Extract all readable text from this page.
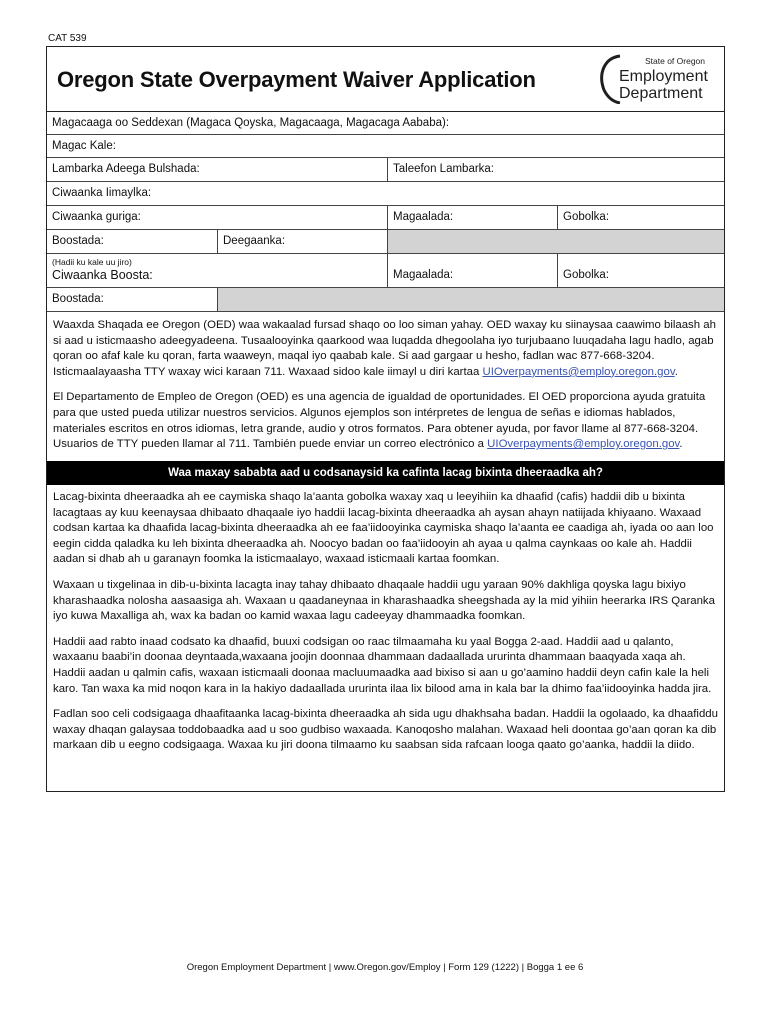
CAT 539
Oregon State Overpayment Waiver Application
State of Oregon
Employment
Department
Magacaaga oo Seddexan (Magaca Qoyska, Magacaaga, Magacaga Aababa):
Magac Kale:
Lambarka Adeega Bulshada:	Taleefon Lambarka:
Ciwaanka Iimaylka:
Ciwaanka guriga:	Magaalada:	Gobolka:
Boostada:	Deegaanka:
(Hadii ku kale uu jiro)
Ciwaanka Boosta:	Magaalada:	Gobolka:
Boostada:

Waaxda Shaqada ee Oregon (OED) waa wakaalad fursad shaqo oo loo siman yahay. OED waxay ku siinaysaa caawimo bilaash ah si aad u isticmaasho adeegyadeena. Tusaalooyinka qaarkood waa luqadda dhegoolaha iyo turjubaano luuqadaha lagu hadlo, agab qoran oo afaf kale ku qoran, farta waaweyn, maqal iyo qaabab kale. Si aad gargaar u hesho, fadlan wac 877-668-3204. Isticmaalayaasha TTY waxay wici karaan 711. Waxaad sidoo kale iimayl u diri kartaa UIOverpayments@employ.oregon.gov.

El Departamento de Empleo de Oregon (OED) es una agencia de igualdad de oportunidades. El OED proporciona ayuda gratuita para que usted pueda utilizar nuestros servicios. Algunos ejemplos son intérpretes de lengua de señas e idiomas hablados, materiales escritos en otros idiomas, letra grande, audio y otros formatos. Para obtener ayuda, por favor llame al 877-668-3204. Usuarios de TTY pueden llamar al 711. También puede enviar un correo electrónico a UIOverpayments@employ.oregon.gov.

Waa maxay sababta aad u codsanaysid ka cafinta lacag bixinta dheeraadka ah?

Lacag-bixinta dheeraadka ah ee caymiska shaqo la’aanta gobolka waxay xaq u leeyihiin ka dhaafid (cafis) haddii dib u bixinta lacagtaas ay kuu keenaysaa dhibaato dhaqaale iyo haddii lacag-bixinta dheeraadka ah aysan ahayn natiijada khiyaano. Waxaad codsan kartaa ka dhaafida lacag-bixinta dheeraadka ah ee faa’iidooyinka caymiska shaqo la’aanta ee caadiga ah, iyada oo aan loo eegin cidda qaladka ku leh bixinta dheeraadka ah. Noocyo badan oo faa’iidooyin ah ayaa u qalma caynkaas oo kale ah. Haddii aadan si dhab ah u garanayn foomka la isticmaalayo, waxaad isticmaali kartaa foomkan.

Waxaan u tixgelinaa in dib-u-bixinta lacagta inay tahay dhibaato dhaqaale haddii ugu yaraan 90% dakhliga qoyska lagu bixiyo kharashaadka nolosha aasaasiga ah. Waxaan u qaadaneynaa in kharashaadka sheegshada ay la mid yihiin heerarka IRS Qaranka iyo kuwa Maxalliga ah, wax ka badan oo kamid waxaa lagu cadeeyay dhammaadka foomkan.

Haddii aad rabto inaad codsato ka dhaafid, buuxi codsigan oo raac tilmaamaha ku yaal Bogga 2-aad. Haddii aad u qalanto, waxaanu baabi’in doonaa deyntaada,waxaana joojin doonnaa dhammaan dadaallada ururinta dhammaan baaqyada xaqa ah. Haddii aadan u qalmin cafis, waxaan isticmaali doonaa macluumaadka aad bixiso si aan u go’aamino haddii deyn cafin kale la heli karo. Tan waxa ka mid noqon kara in la hakiyo dadaallada ururinta ilaa lix bilood ama in kala bar la dhimo faa’iidooyinka hadda jira.

Fadlan soo celi codsigaaga dhaafitaanka lacag-bixinta dheeraadka ah sida ugu dhakhsaha badan. Haddii la ogolaado, ka dhaafiddu waxay dhaqan galaysaa toddobaadka aad u soo gudbiso waxaada. Kanoqosho malahan. Waxaad heli doontaa go’aan qoran ka dib markaan dib u eegno codsigaaga. Waxaa ku jiri doona tilmaamo ku saabsan sida rafcaan looga qaato go’aanka, haddii la diido.

Oregon Employment Department | www.Oregon.gov/Employ | Form 129 (1222) | Bogga 1 ee 6
